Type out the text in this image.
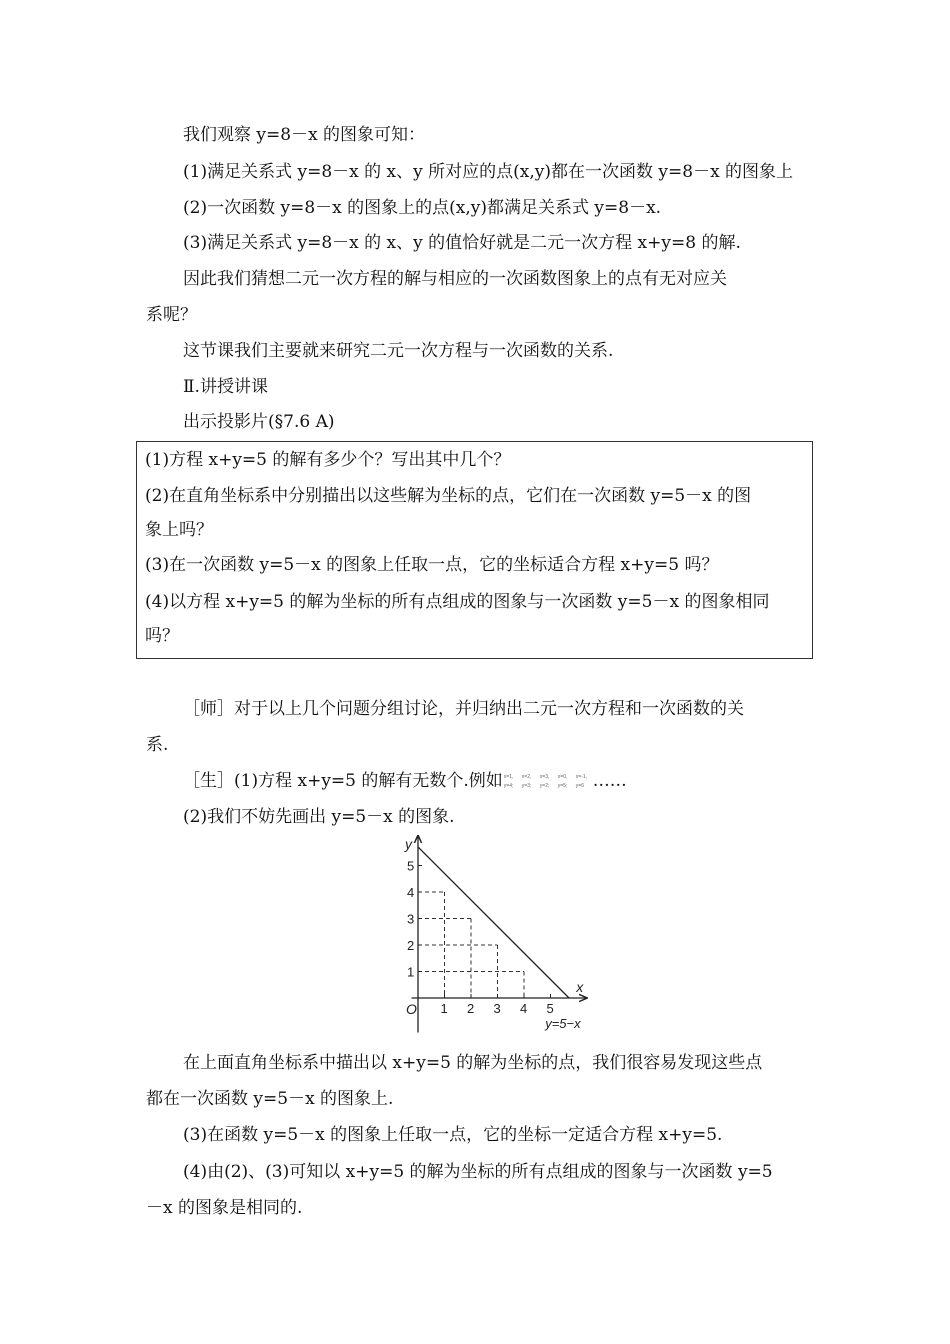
我们观察 y=8－x 的图象可知：
(1)满足关系式 y=8－x 的 x、y 所对应的点(x,y)都在一次函数 y=8－x 的图象上
(2)一次函数 y=8－x 的图象上的点(x,y)都满足关系式 y=8－x.
(3)满足关系式 y=8－x 的 x、y 的值恰好就是二元一次方程 x+y=8 的解.
因此我们猜想二元一次方程的解与相应的一次函数图象上的点有无对应关
系呢？
这节课我们主要就来研究二元一次方程与一次函数的关系.
Ⅱ.讲授讲课
出示投影片(§7.6 A)
(1)方程 x+y=5 的解有多少个？写出其中几个？
(2)在直角坐标系中分别描出以这些解为坐标的点，它们在一次函数 y=5－x 的图
象上吗？
(3)在一次函数 y=5－x 的图象上任取一点，它的坐标适合方程 x+y=5 吗？
(4)以方程 x+y=5 的解为坐标的所有点组成的图象与一次函数 y=5－x 的图象相同
吗？
［师］对于以上几个问题分组讨论，并归纳出二元一次方程和一次函数的关
系.
［生］(1)方程 x+y=5 的解有无数个.例如 x=1,
y=4;
x=2,
y=3;
x=3,
y=2;
x=0,
y=5;
x=-1,
y=6 ……
(2)我们不妨先画出 y=5－x 的图象.
1 2 3 4 5
1
2
3
4
5
x
y
O
y=5−x
在上面直角坐标系中描出以 x+y=5 的解为坐标的点，我们很容易发现这些点
都在一次函数 y=5－x 的图象上.
(3)在函数 y=5－x 的图象上任取一点，它的坐标一定适合方程 x+y=5.
(4)由(2)、(3)可知以 x+y=5 的解为坐标的所有点组成的图象与一次函数 y=5
－x 的图象是相同的.
